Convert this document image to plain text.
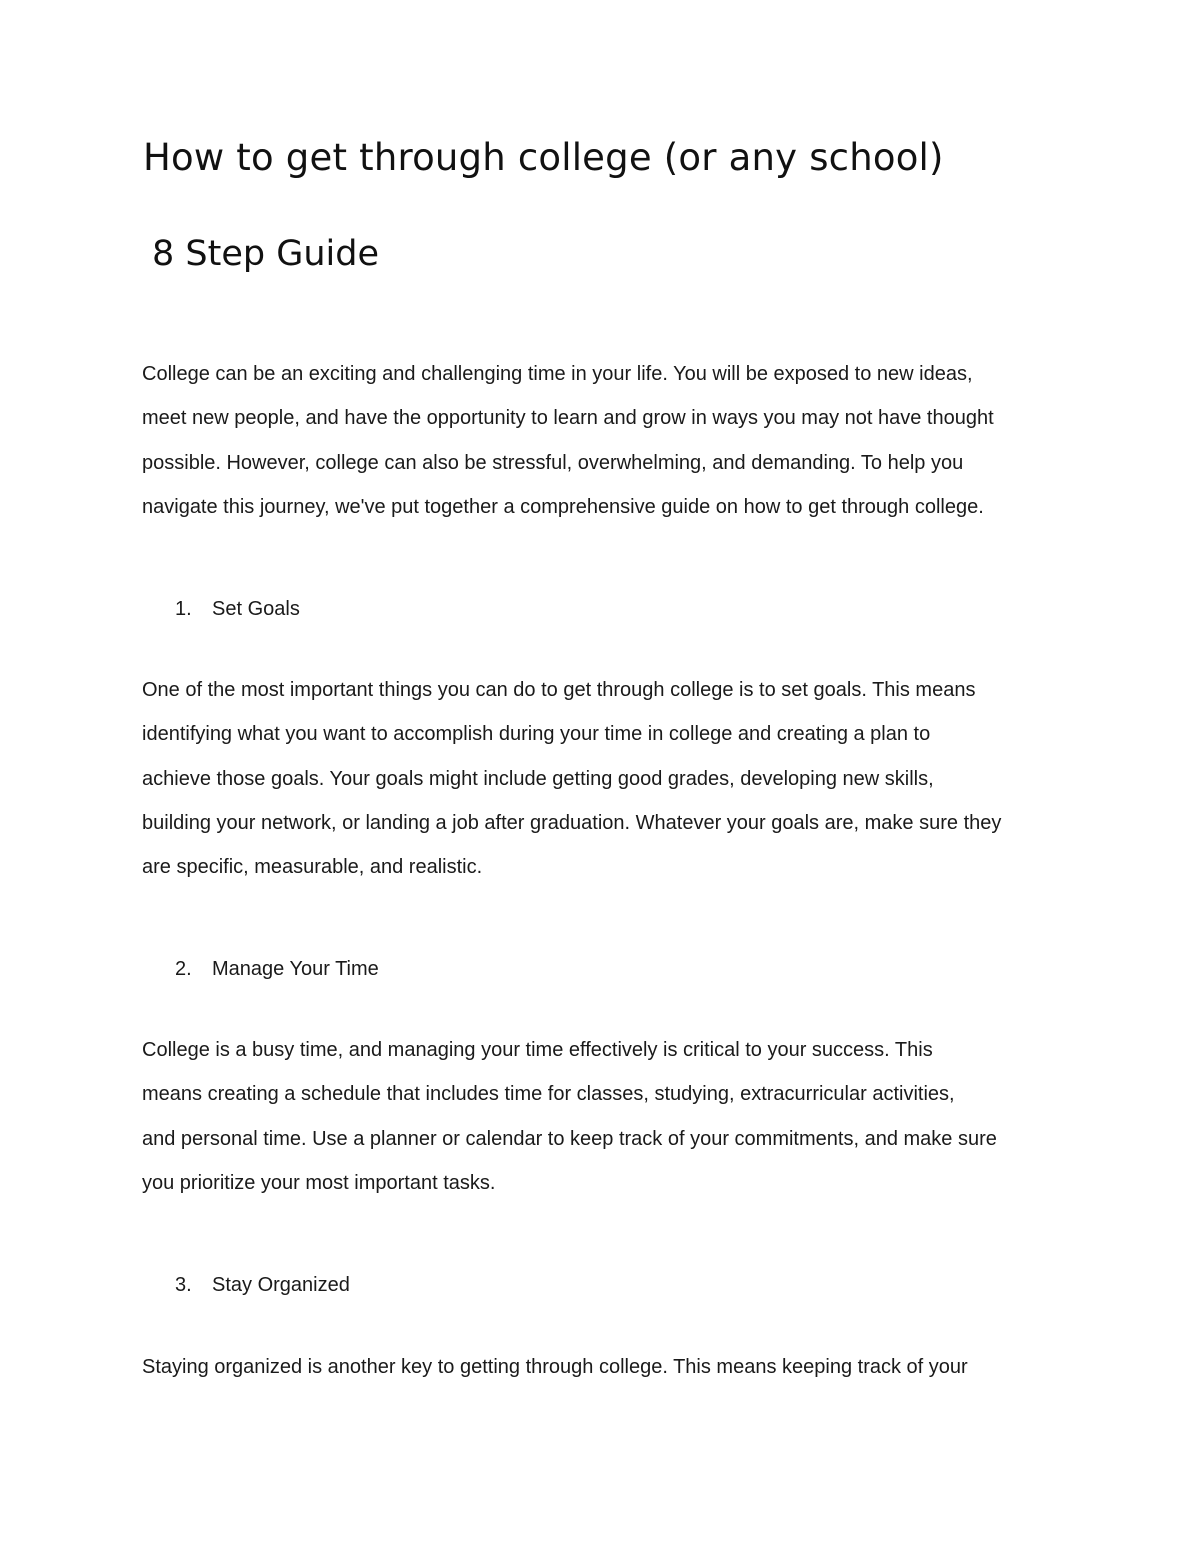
How to get through college (or any school)
8 Step Guide

College can be an exciting and challenging time in your life. You will be exposed to new ideas,
meet new people, and have the opportunity to learn and grow in ways you may not have thought
possible. However, college can also be stressful, overwhelming, and demanding. To help you
navigate this journey, we've put together a comprehensive guide on how to get through college.

1. Set Goals

One of the most important things you can do to get through college is to set goals. This means
identifying what you want to accomplish during your time in college and creating a plan to
achieve those goals. Your goals might include getting good grades, developing new skills,
building your network, or landing a job after graduation. Whatever your goals are, make sure they
are specific, measurable, and realistic.

2. Manage Your Time

College is a busy time, and managing your time effectively is critical to your success. This
means creating a schedule that includes time for classes, studying, extracurricular activities,
and personal time. Use a planner or calendar to keep track of your commitments, and make sure
you prioritize your most important tasks.

3. Stay Organized

Staying organized is another key to getting through college. This means keeping track of your
